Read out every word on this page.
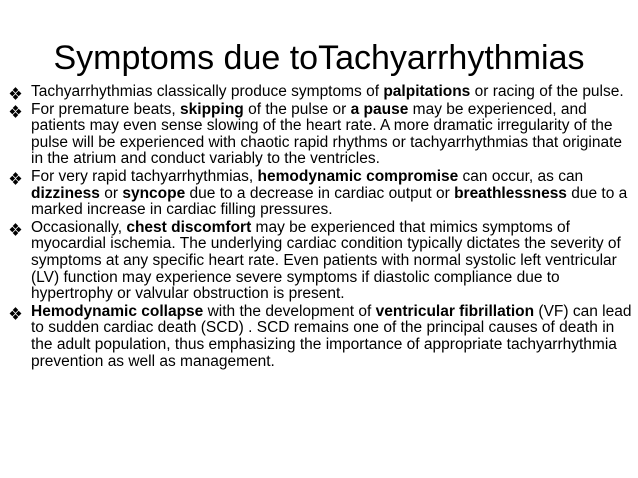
Symptoms due toTachyarrhythmias
Tachyarrhythmias classically produce symptoms of palpitations or racing of the pulse.
For premature beats, skipping of the pulse or a pause may be experienced, and patients may even sense slowing of the heart rate. A more dramatic irregularity of the pulse will be experienced with chaotic rapid rhythms or tachyarrhythmias that originate in the atrium and conduct variably to the ventricles.
For very rapid tachyarrhythmias, hemodynamic compromise can occur, as can dizziness or syncope due to a decrease in cardiac output or breathlessness due to a marked increase in cardiac filling pressures.
Occasionally, chest discomfort may be experienced that mimics symptoms of myocardial ischemia. The underlying cardiac condition typically dictates the severity of symptoms at any specific heart rate. Even patients with normal systolic left ventricular (LV) function may experience severe symptoms if diastolic compliance due to hypertrophy or valvular obstruction is present.
Hemodynamic collapse with the development of ventricular fibrillation (VF) can lead to sudden cardiac death (SCD) . SCD remains one of the principal causes of death in the adult population, thus emphasizing the importance of appropriate tachyarrhythmia prevention as well as management.
